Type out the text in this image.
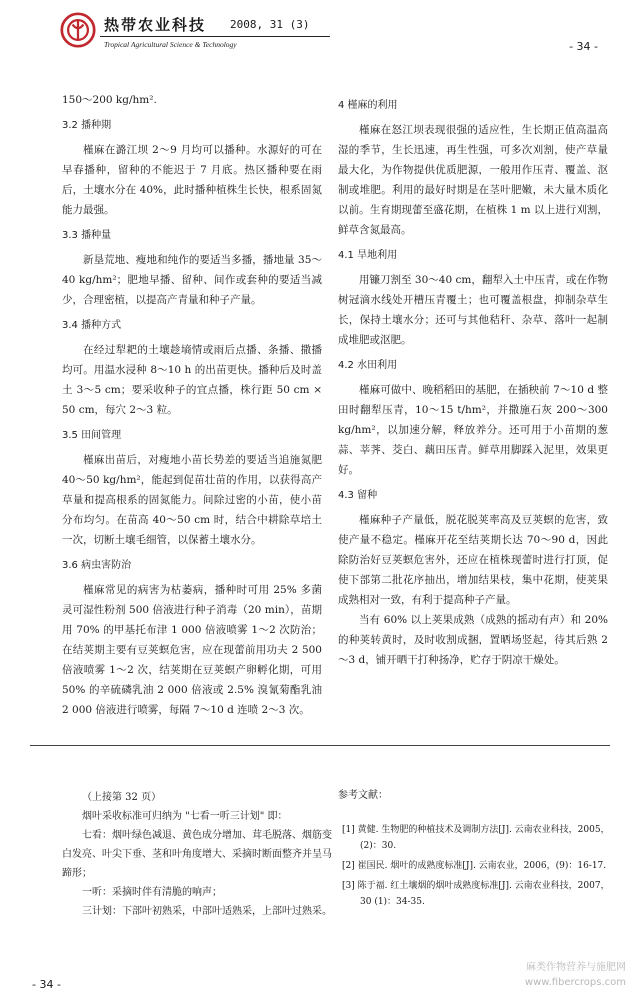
热带农业科技 2008, 31 (3)
Tropical Agricultural Science & Technology	- 34 -

150～200 kg/hm².

3.2 播种期

槿麻在潞江坝 2～9 月均可以播种。水源好的可在早春播种，留种的不能迟于 7 月底。热区播种要在雨后，土壤水分在 40%，此时播种植株生长快，根系固氮能力最强。

3.3 播种量

新垦荒地、瘦地和纯作的要适当多播，播地量 35～40 kg/hm²；肥地早播、留种、间作或套种的要适当减少，合理密植，以提高产青量和种子产量。

3.4 播种方式

在经过犁耙的土壤趁墒情或雨后点播、条播、撒播均可。用温水浸种 8～10 h 的出苗更快。播种后及时盖土 3～5 cm；要采收种子的宜点播，株行距 50 cm × 50 cm，每穴 2～3 粒。

3.5 田间管理

槿麻出苗后，对瘦地小苗长势差的要适当追施氮肥 40～50 kg/hm²，能起到促苗壮苗的作用，以获得高产草量和提高根系的固氮能力。间除过密的小苗，使小苗分布均匀。在苗高 40～50 cm 时，结合中耕除草培土一次，切断土壤毛细管，以保蓄土壤水分。

3.6 病虫害防治

槿麻常见的病害为枯萎病，播种时可用 25% 多菌灵可湿性粉剂 500 倍液进行种子消毒（20 min），苗期用 70% 的甲基托布津 1 000 倍液喷雾 1～2 次防治；在结荚期主要有豆荚螟危害，应在现蕾前用功夫 2 500 倍液喷雾 1～2 次，结荚期在豆荚螟产卵孵化期，可用 50% 的辛硫磷乳油 2 000 倍液或 2.5% 溴氰菊酯乳油 2 000 倍液进行喷雾，每隔 7～10 d 连喷 2～3 次。

4 槿麻的利用

槿麻在怒江坝表现很强的适应性，生长期正值高温高湿的季节，生长迅速，再生性强，可多次刈割，使产草量最大化，为作物提供优质肥源，一般用作压青、覆盖、沤制或堆肥。利用的最好时期是在茎叶肥嫩，未大量木质化以前。生育期现蕾至盛花期，在植株 1 m 以上进行刈割，鲜草含氮最高。

4.1 旱地利用

用镰刀割至 30～40 cm，翻犁入土中压青，或在作物树冠滴水线处开槽压青覆土；也可覆盖根盘，抑制杂草生长，保持土壤水分；还可与其他秸秆、杂草、落叶一起制成堆肥或沤肥。

4.2 水田利用

槿麻可做中、晚稻稻田的基肥，在插秧前 7～10 d 整田时翻犁压青，10～15 t/hm²，并撒施石灰 200～300 kg/hm²，以加速分解，释放养分。还可用于小苗期的葱蒜、莘荠、茭白、藕田压青。鲜草用脚踩入泥里，效果更好。

4.3 留种

槿麻种子产量低，脱花脱荚率高及豆荚螟的危害，致使产量不稳定。槿麻开花至结荚期长达 70～90 d，因此除防治好豆荚螟危害外，还应在植株现蕾时进行打顶，促使下部第二批花序抽出，增加结果枝，集中花期，使荚果成熟相对一致，有利于提高种子产量。

当有 60% 以上荚果成熟（成熟的摇动有声）和 20% 的种荚转黄时，及时收割成捆，置晒场竖起，待其后熟 2～3 d，铺开晒干打种扬净，贮存于阴凉干燥处。

（上接第 32 页）

烟叶采收标准可归纳为 "七看一听三计划" 即：

七看：烟叶绿色减退、黄色成分增加、茸毛脱落、烟筋变白发亮、叶尖下垂、茎和叶角度增大、采摘时断面整齐并呈马蹄形；

一听：采摘时伴有清脆的响声；

三计划：下部叶初熟采，中部叶适熟采，上部叶过熟采。

参考文献：
[1] 黄健. 生物肥的种植技术及调制方法[J]. 云南农业科技，2005，(2)：30.
[2] 崔国民. 烟叶的成熟度标准[J]. 云南农业，2006，(9)：16-17.
[3] 陈于福. 红土壤烟的烟叶成熟度标准[J]. 云南农业科技，2007，30 (1)：34-35.
- 34 -
麻类作物营养与施肥网
www.fibercrops.com
